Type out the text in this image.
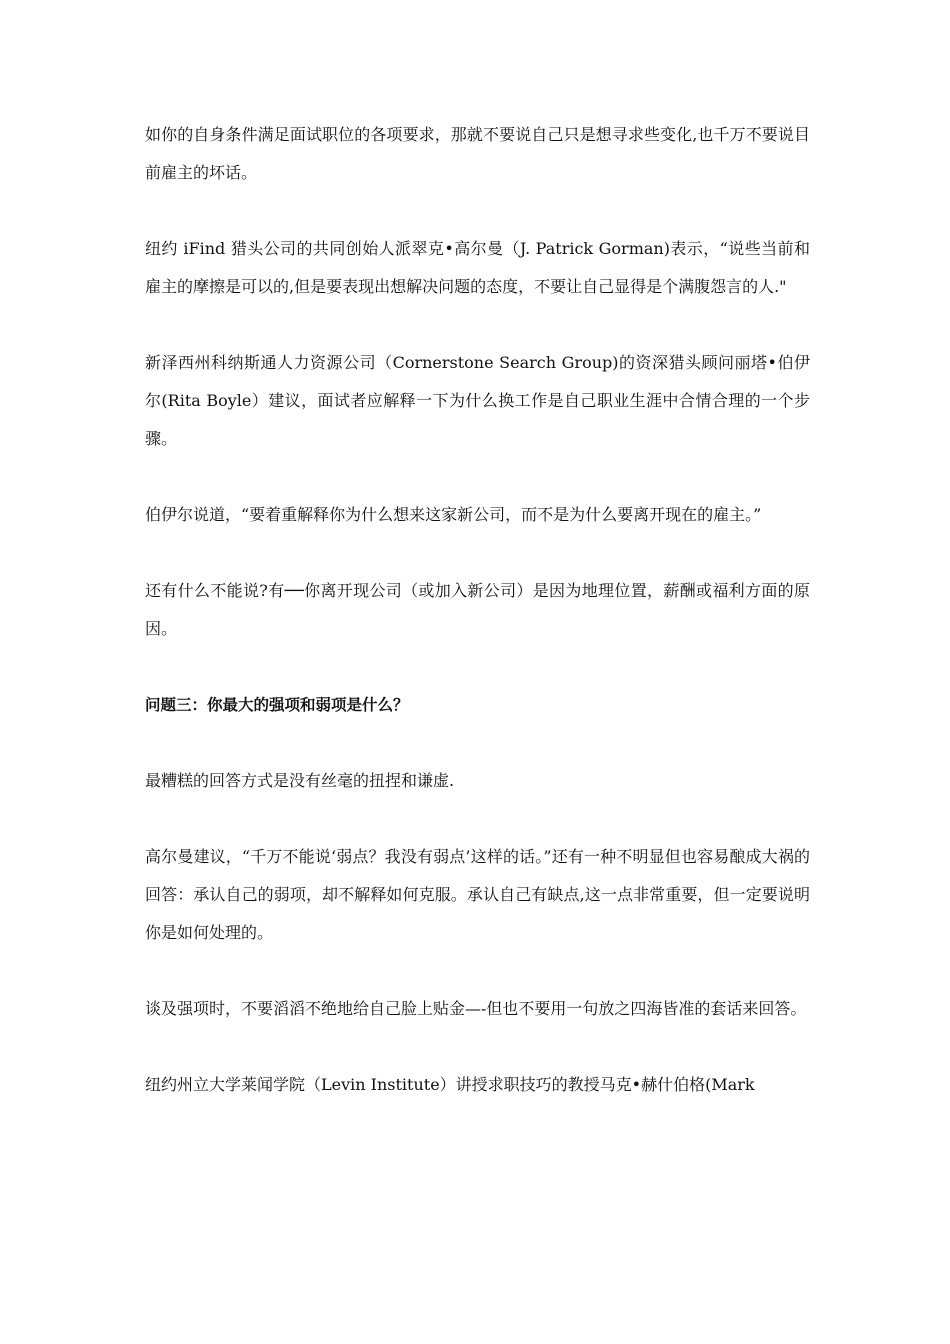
如你的自身条件满足面试职位的各项要求，那就不要说自己只是想寻求些变化,也千万不要说目前雇主的坏话。

纽约 iFind 猎头公司的共同创始人派翠克•高尔曼（J. Patrick Gorman)表示，“说些当前和雇主的摩擦是可以的,但是要表现出想解决问题的态度，不要让自己显得是个满腹怨言的人."

新泽西州科纳斯通人力资源公司（Cornerstone Search Group)的资深猎头顾问丽塔•伯伊尔(Rita Boyle）建议，面试者应解释一下为什么换工作是自己职业生涯中合情合理的一个步骤。

伯伊尔说道，“要着重解释你为什么想来这家新公司，而不是为什么要离开现在的雇主。”

还有什么不能说?有──你离开现公司（或加入新公司）是因为地理位置，薪酬或福利方面的原因。

问题三：你最大的强项和弱项是什么？

最糟糕的回答方式是没有丝毫的扭捏和谦虚.

高尔曼建议，“千万不能说‘弱点？我没有弱点’这样的话。”还有一种不明显但也容易酿成大祸的回答：承认自己的弱项，却不解释如何克服。承认自己有缺点,这一点非常重要，但一定要说明你是如何处理的。

谈及强项时，不要滔滔不绝地给自己脸上贴金—-但也不要用一句放之四海皆准的套话来回答。

纽约州立大学莱闻学院（Levin Institute）讲授求职技巧的教授马克•赫什伯格(Mark
